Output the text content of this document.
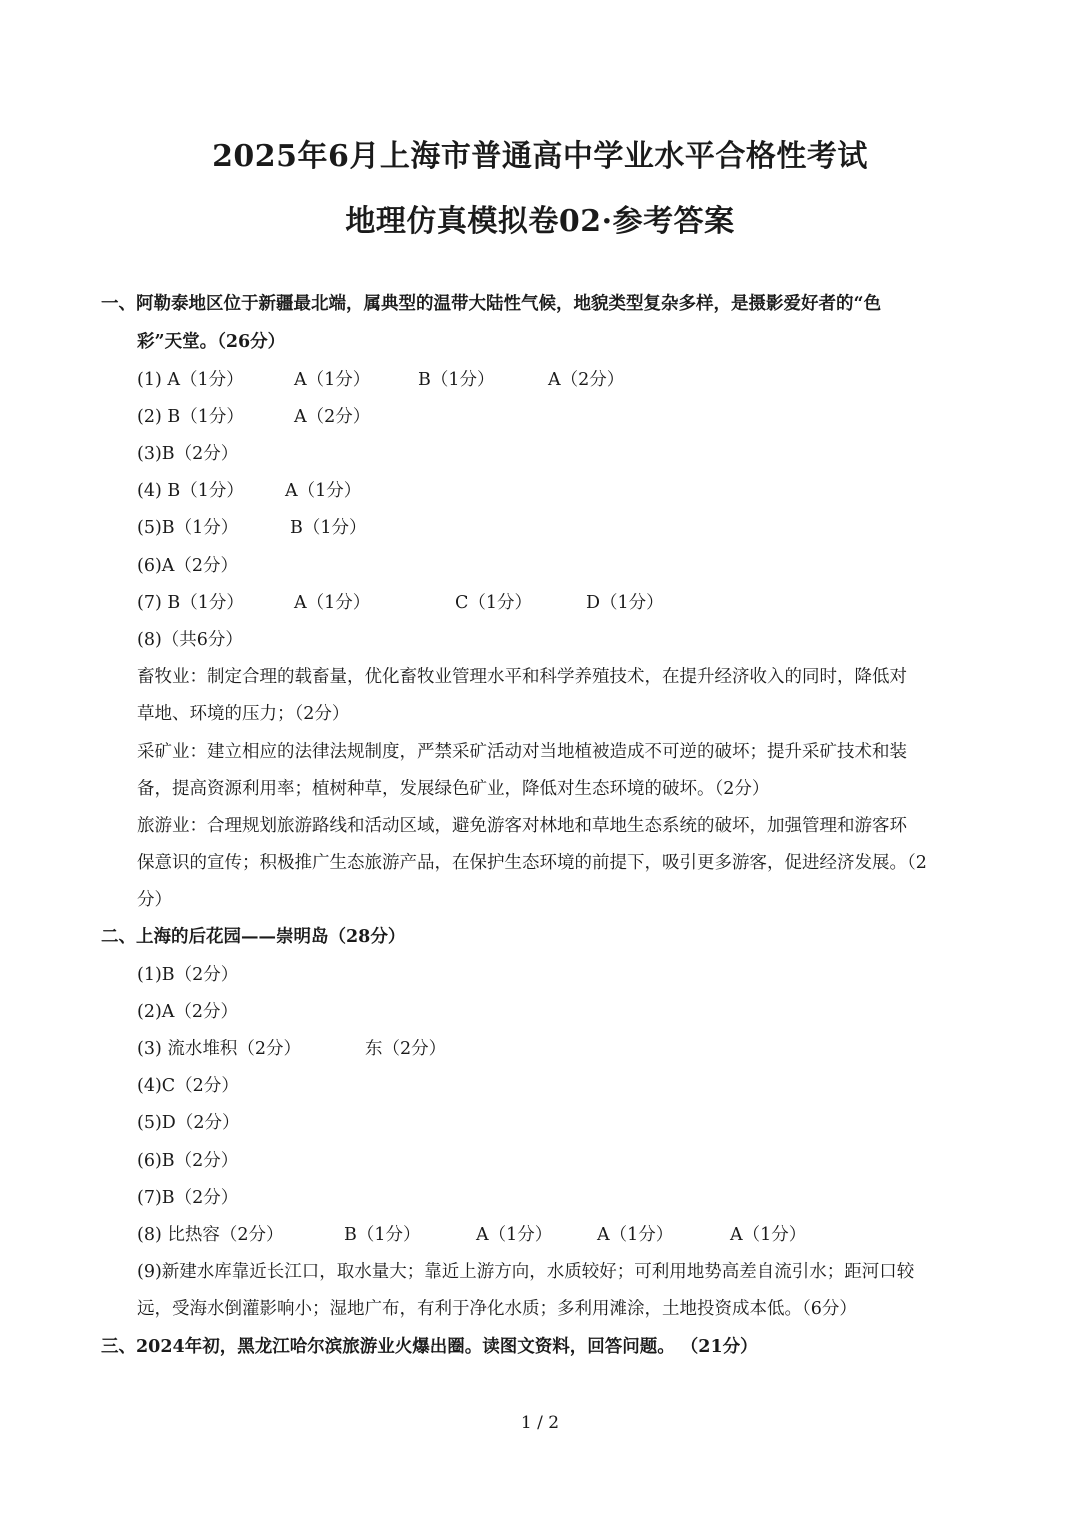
2025年6月上海市普通高中学业水平合格性考试
地理仿真模拟卷02·参考答案
一、阿勒泰地区位于新疆最北端，属典型的温带大陆性气候，地貌类型复杂多样，是摄影爱好者的“色
彩”天堂。（26分）
(1) A（1分）	A（1分）	B（1分）	A（2分）
(2) B（1分）	A（2分）
(3)B（2分）
(4) B（1分） A（1分）
(5)B（1分）	B（1分）
(6)A（2分）
(7) B（1分）	A（1分）	C（1分）	D（1分）
(8)（共6分）
畜牧业：制定合理的载畜量，优化畜牧业管理水平和科学养殖技术，在提升经济收入的同时，降低对
草地、环境的压力；（2分）
采矿业：建立相应的法律法规制度，严禁采矿活动对当地植被造成不可逆的破坏；提升采矿技术和装
备，提高资源利用率；植树种草，发展绿色矿业，降低对生态环境的破坏。（2分）
旅游业：合理规划旅游路线和活动区域，避免游客对林地和草地生态系统的破坏，加强管理和游客环
保意识的宣传；积极推广生态旅游产品，在保护生态环境的前提下，吸引更多游客，促进经济发展。（2
分）
二、上海的后花园——崇明岛（28分）
(1)B（2分）
(2)A（2分）
(3) 流水堆积（2分）	东（2分）
(4)C（2分）
(5)D（2分）
(6)B（2分）
(7)B（2分）
(8) 比热容（2分）	B（1分）	A（1分）	A（1分）	A（1分）
(9)新建水库靠近长江口，取水量大；靠近上游方向，水质较好；可利用地势高差自流引水；距河口较
远，受海水倒灌影响小；湿地广布，有利于净化水质；多利用滩涂，土地投资成本低。（6分）
三、2024年初，黑龙江哈尔滨旅游业火爆出圈。读图文资料，回答问题。 （21分）
1 / 2
